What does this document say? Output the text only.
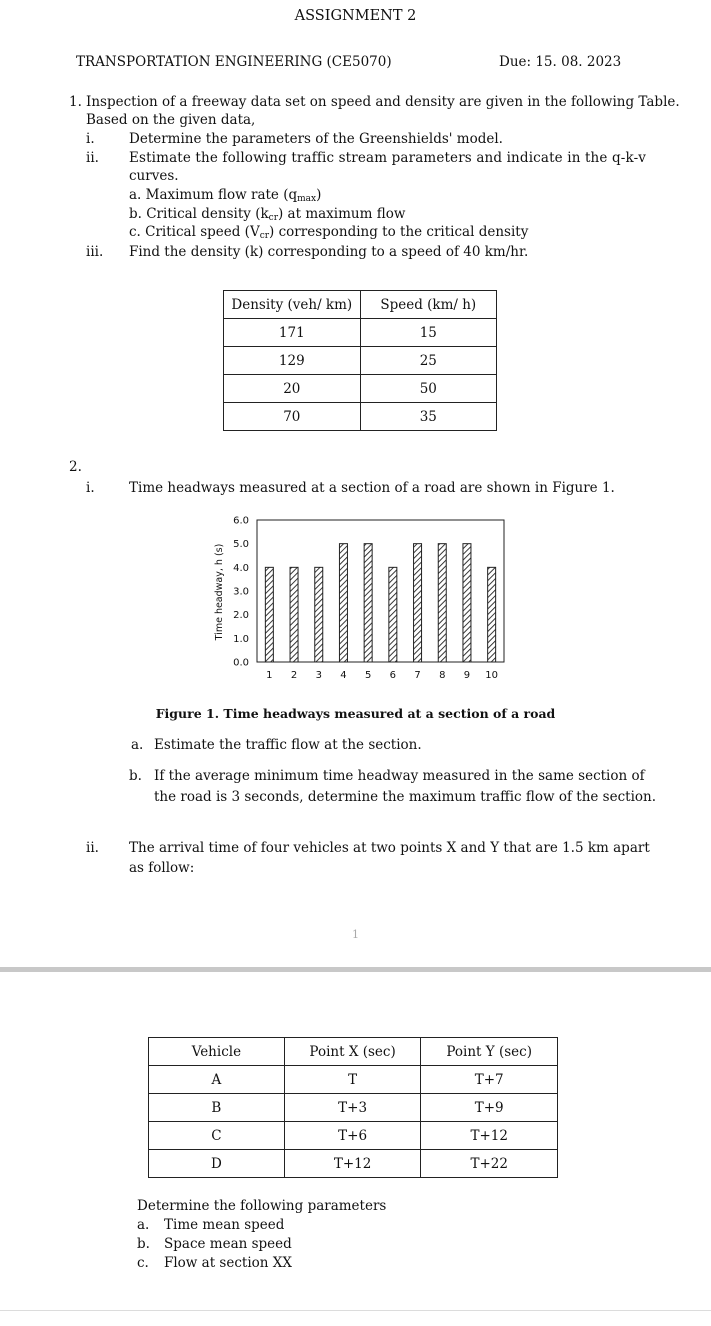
ASSIGNMENT 2
TRANSPORTATION ENGINEERING (CE5070)	Due: 15. 08. 2023
1. Inspection of a freeway data set on speed and density are given in the following Table.
Based on the given data,
i.	Determine the parameters of the Greenshields' model.
ii. Estimate the following traffic stream parameters and indicate in the q-k-v
curves.
a. Maximum flow rate $(q_{max})$
b. Critical density $(k_{cr})$ at maximum flow
c. Critical speed $(V_{cr})$ corresponding to the critical density
iii. Find the density (k) corresponding to a speed of 40 km/hr.
Density (veh/ km)	Speed (km/ h)
171	15
129	25
20	50
70	35
2.
i.	Time headways measured at a section of a road are shown in Figure 1.
Time headway, h (s)
0.0
1.0
2.0
3.0
4.0
5.0
6.0
1 2 3 4 5 6 7 8 9 10
Figure 1. Time headways measured at a section of a road
a. Estimate the traffic flow at the section.
b. If the average minimum time headway measured in the same section of
the road is 3 seconds, determine the maximum traffic flow of the section.
ii. The arrival time of four vehicles at two points X and Y that are 1.5 km apart
as follow:
1
Vehicle	Point X (sec)	Point Y (sec)
A	T	T+7
B	T+3	T+9
C	T+6	T+12
D	T+12	T+22
Determine the following parameters
a. Time mean speed
b. Space mean speed
c. Flow at section XX
